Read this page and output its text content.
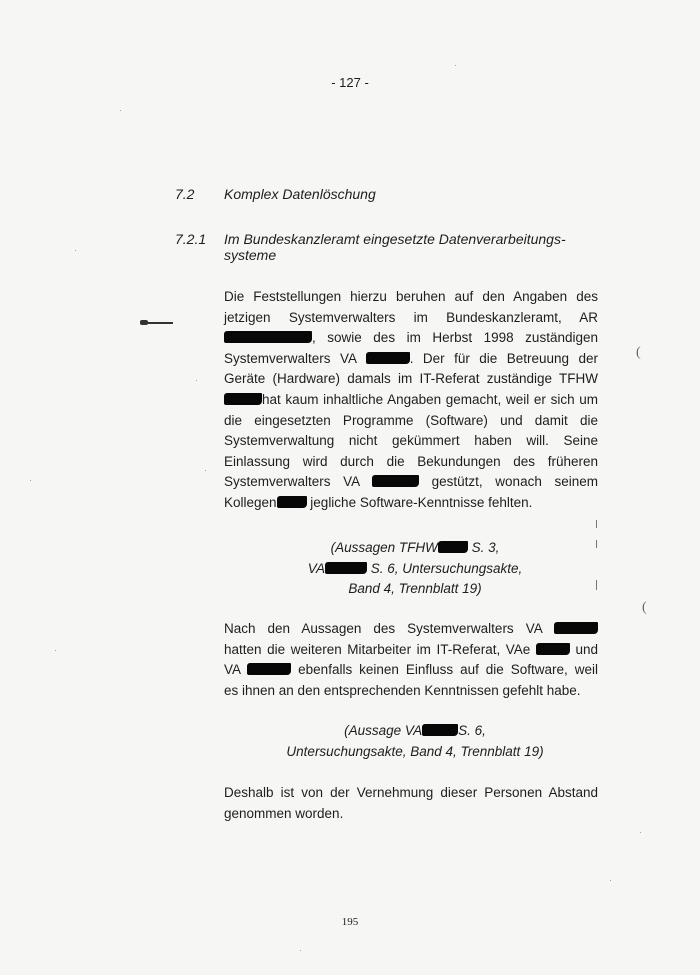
- 127 -
7.2 Komplex Datenlöschung
7.2.1 Im Bundeskanzleramt eingesetzte Datenverarbeitungs-
systeme
Die Feststellungen hierzu beruhen auf den Angaben des
jetzigen Systemverwalters im Bundeskanzleramt, AR
, sowie des im Herbst 1998 zuständigen
Systemverwalters VA	. Der für die Betreuung der
Geräte (Hardware) damals im IT-Referat zuständige TFHW
hat kaum inhaltliche Angaben gemacht, weil er sich um
die eingesetzten Programme (Software) und damit die
Systemverwaltung nicht gekümmert haben will. Seine
Einlassung wird durch die Bekundungen des früheren
Systemverwalters VA	gestützt, wonach seinem
Kollegen jegliche Software-Kenntnisse fehlten.
(Aussagen TFHW S. 3,
VA	S. 6, Untersuchungsakte,
Band 4, Trennblatt 19)
Nach den Aussagen des Systemverwalters VA
hatten die weiteren Mitarbeiter im IT-Referat, VAe	und
VA	ebenfalls keinen Einfluss auf die Software, weil
es ihnen an den entsprechenden Kenntnissen gefehlt habe.
(Aussage VA	S. 6,
Untersuchungsakte, Band 4, Trennblatt 19)
Deshalb ist von der Vernehmung dieser Personen Abstand
genommen worden.
195
(
(
